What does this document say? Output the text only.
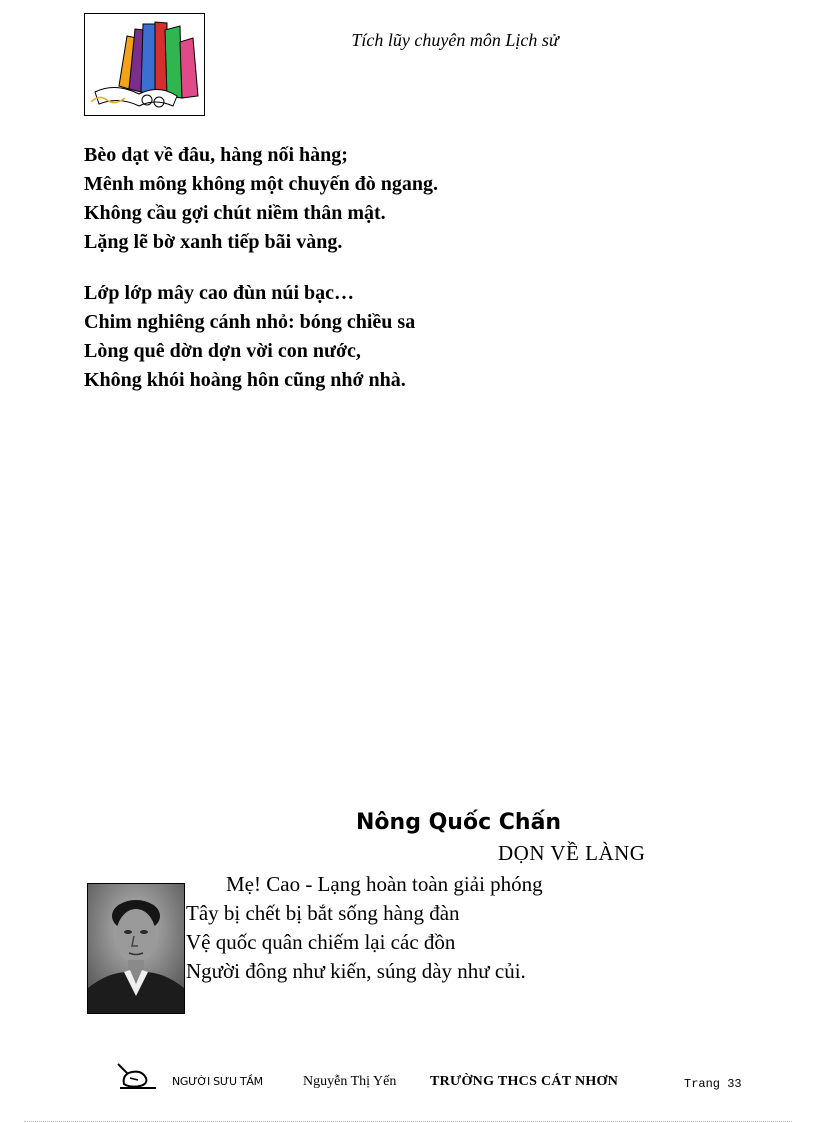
Tích lũy chuyên môn Lịch sử
Bèo dạt về đâu, hàng nối hàng;
Mênh mông không một chuyến đò ngang.
Không cầu gợi chút niềm thân mật.
Lặng lẽ bờ xanh tiếp bãi vàng.
Lớp lớp mây cao đùn núi bạc…
Chim nghiêng cánh nhỏ: bóng chiều sa
Lòng quê dờn dợn vời con nước,
Không khói hoàng hôn cũng nhớ nhà.
Nông Quốc Chấn
DỌN VỀ LÀNG
Mẹ! Cao - Lạng hoàn toàn giải phóng
Tây bị chết bị bắt sống hàng đàn
Vệ quốc quân chiếm lại các đồn
Người đông như kiến, súng dày như củi.
NGƯỜI SƯU TẦM	Nguyễn Thị Yến TRƯỜNG THCS CÁT NHƠN	Trang 33
